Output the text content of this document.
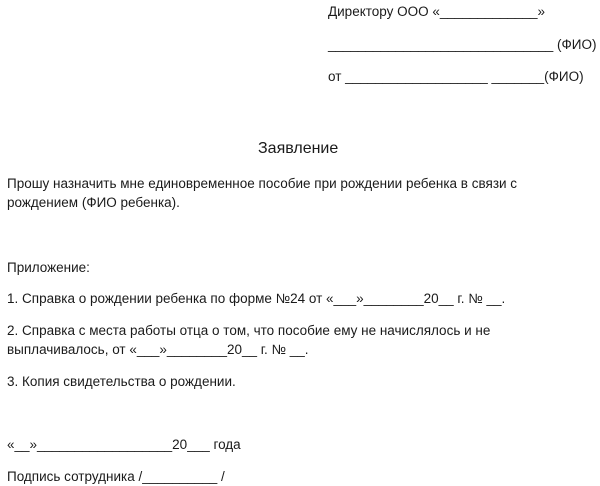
Директору ООО «_____________»
______________________________ (ФИО)
от ___________________ _______(ФИО)
Заявление
Прошу назначить мне единовременное пособие при рождении ребенка в связи с
рождением (ФИО ребенка).
Приложение:
1. Справка о рождении ребенка по форме №24 от «___»________20__ г. № __.
2. Справка с места работы отца о том, что пособие ему не начислялось и не
выплачивалось, от «___»________20__ г. № __.
3. Копия свидетельства о рождении.
«__»__________________20___ года
Подпись сотрудника /__________ /
